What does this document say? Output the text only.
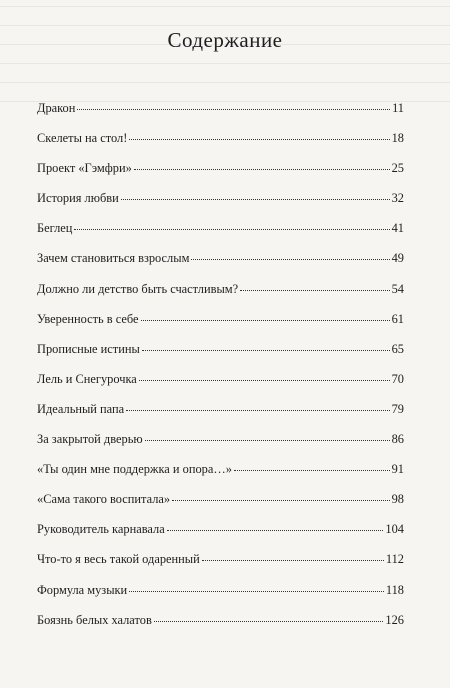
Содержание
Дракон	11
Скелеты на стол!	18
Проект «Гэмфри»	25
История любви	32
Беглец	41
Зачем становиться взрослым	49
Должно ли детство быть счастливым?	54
Уверенность в себе	61
Прописные истины	65
Лель и Снегурочка	70
Идеальный папа	79
За закрытой дверью	86
«Ты один мне поддержка и опора…»	91
«Сама такого воспитала»	98
Руководитель карнавала	104
Что-то я весь такой одаренный	112
Формула музыки	118
Боязнь белых халатов	126
